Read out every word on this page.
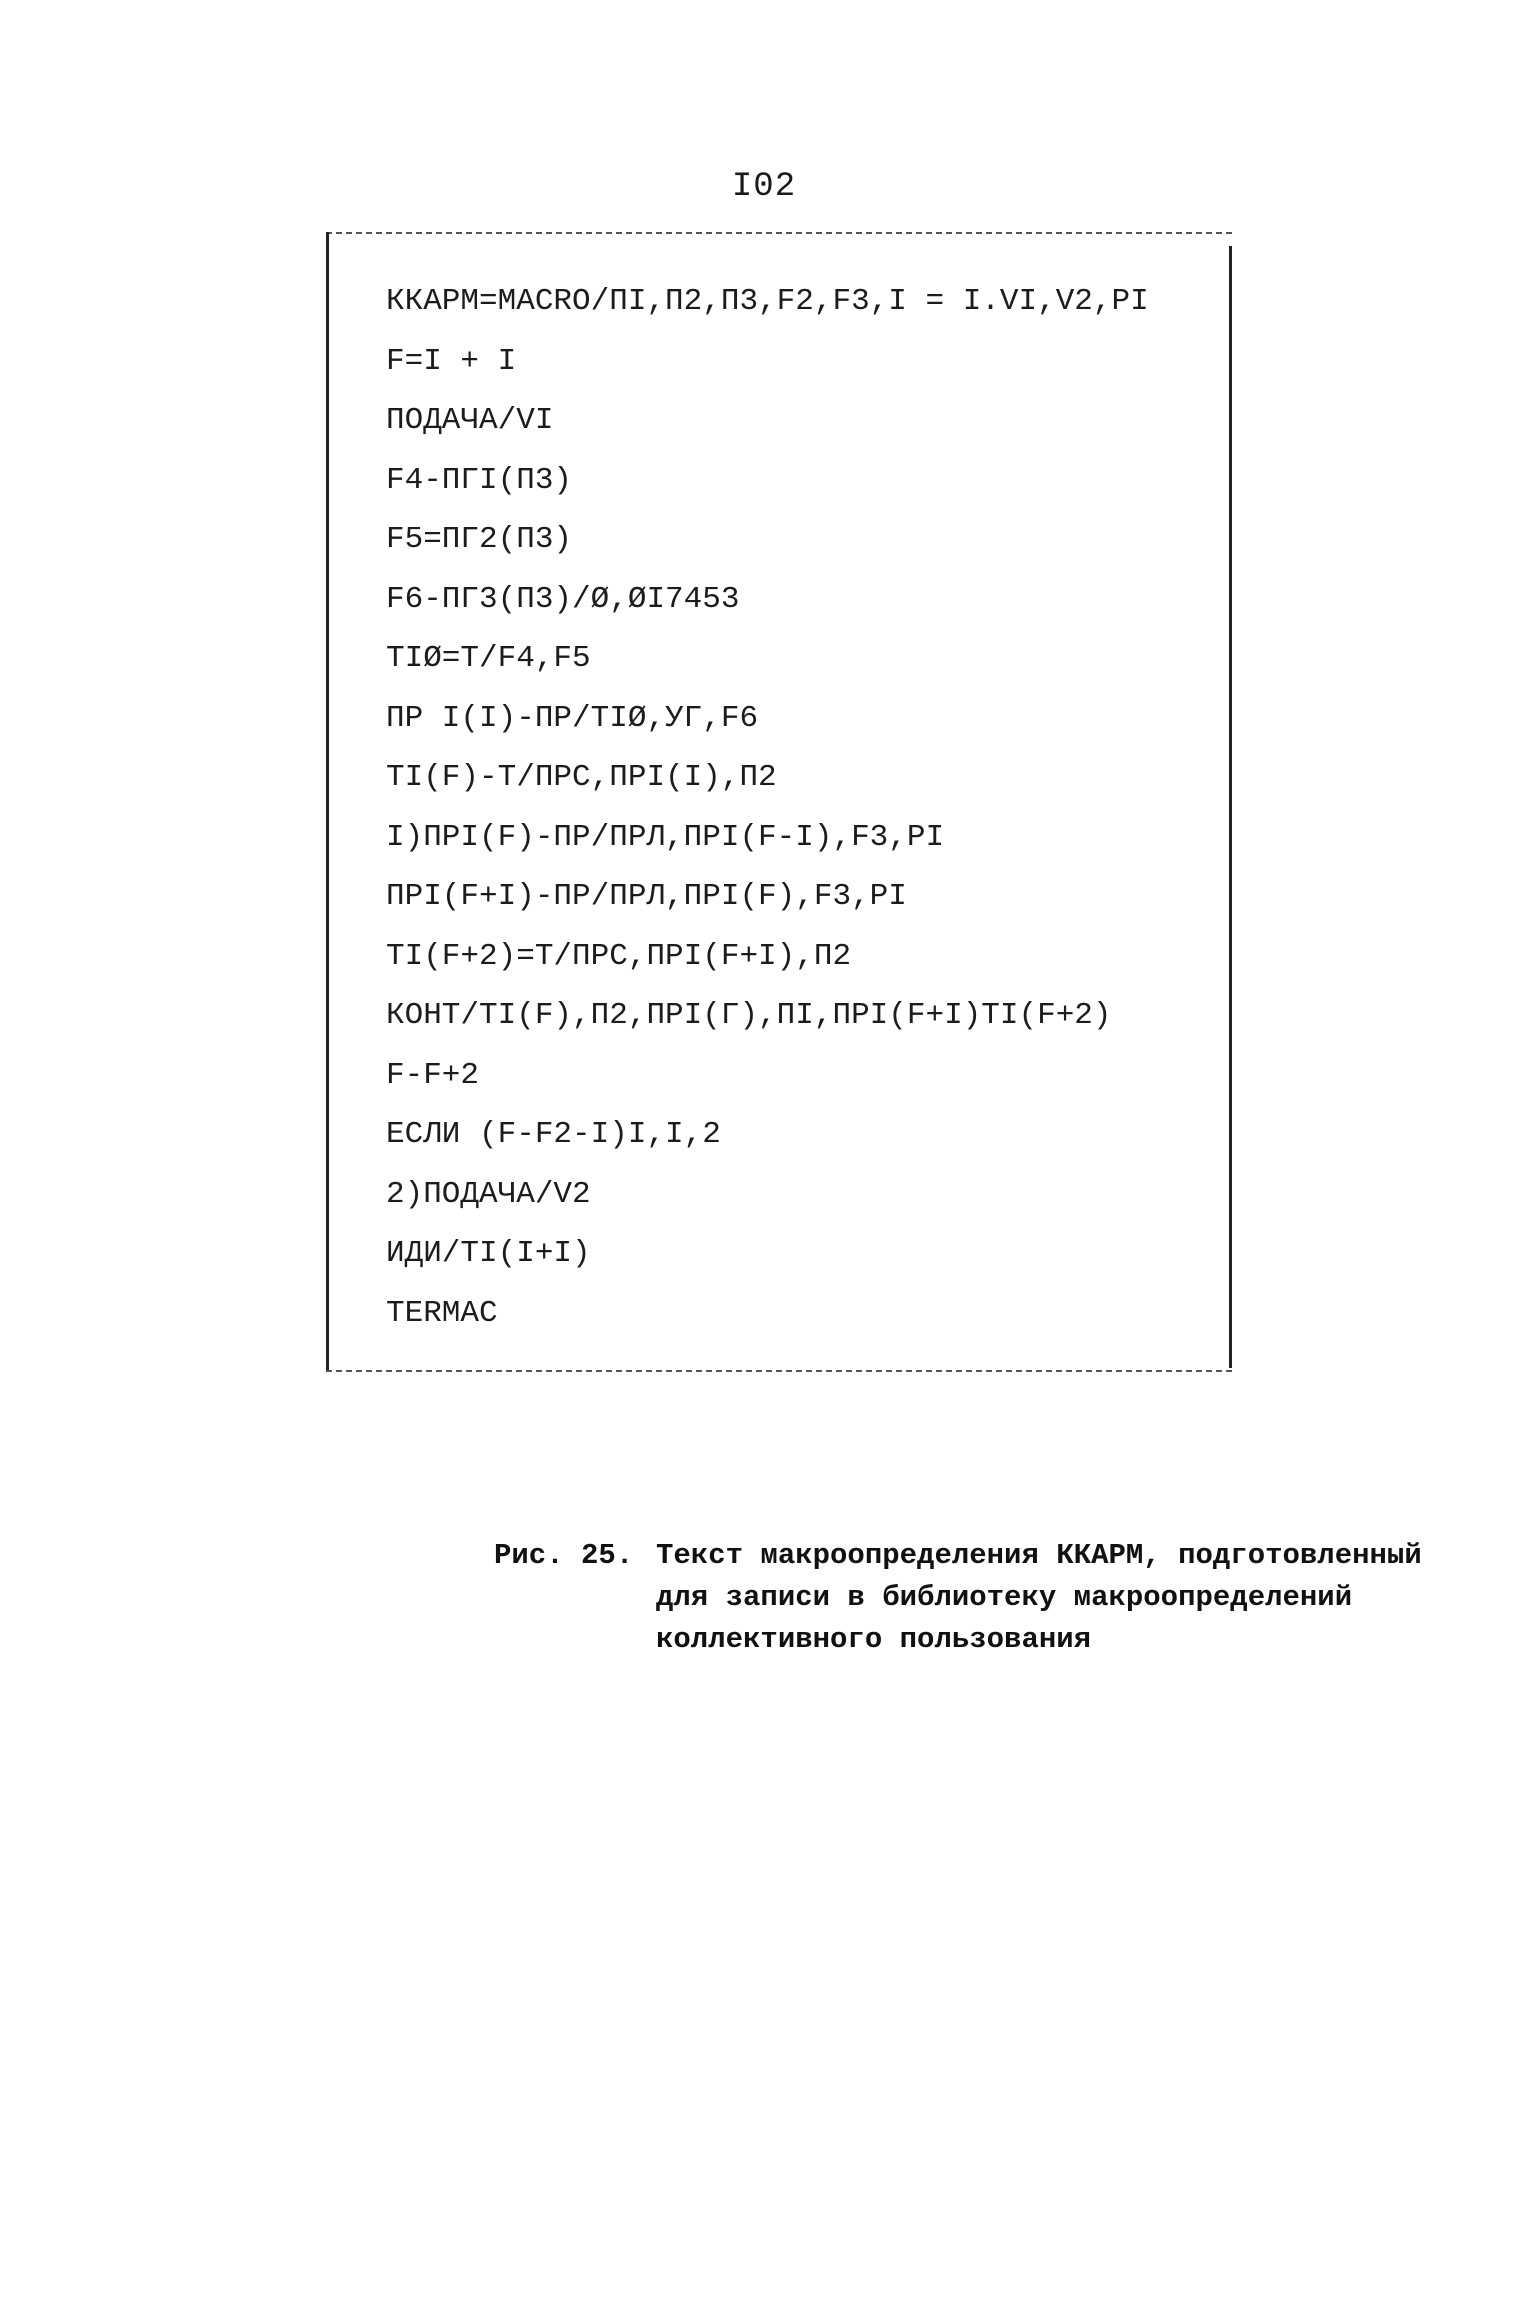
I02
ККАРМ=MACRO/ПI,П2,П3,F2,F3,I = I.VI,V2,PI
F=I + I
ПОДАЧА/VI
F4-ПГI(П3)
F5=ПГ2(П3)
F6-ПГ3(П3)/Ø,ØI7453
TIØ=T/F4,F5
ПР I(I)-ПР/TIØ,УГ,F6
TI(F)-T/ПРС,ПРI(I),П2
I)ПРI(F)-ПР/ПРЛ,ПРI(F-I),F3,PI
ПРI(F+I)-ПР/ПРЛ,ПРI(F),F3,PI
TI(F+2)=T/ПРС,ПРI(F+I),П2
КОНТ/TI(F),П2,ПРI(Г),ПI,ПРI(F+I)TI(F+2)
F-F+2
ЕСЛИ (F-F2-I)I,I,2
2)ПОДАЧА/V2
ИДИ/TI(I+I)
TERMAC
Рис. 25. Текст макроопределения ККАРМ, подготовленный
для записи в библиотеку макроопределений
коллективного пользования
